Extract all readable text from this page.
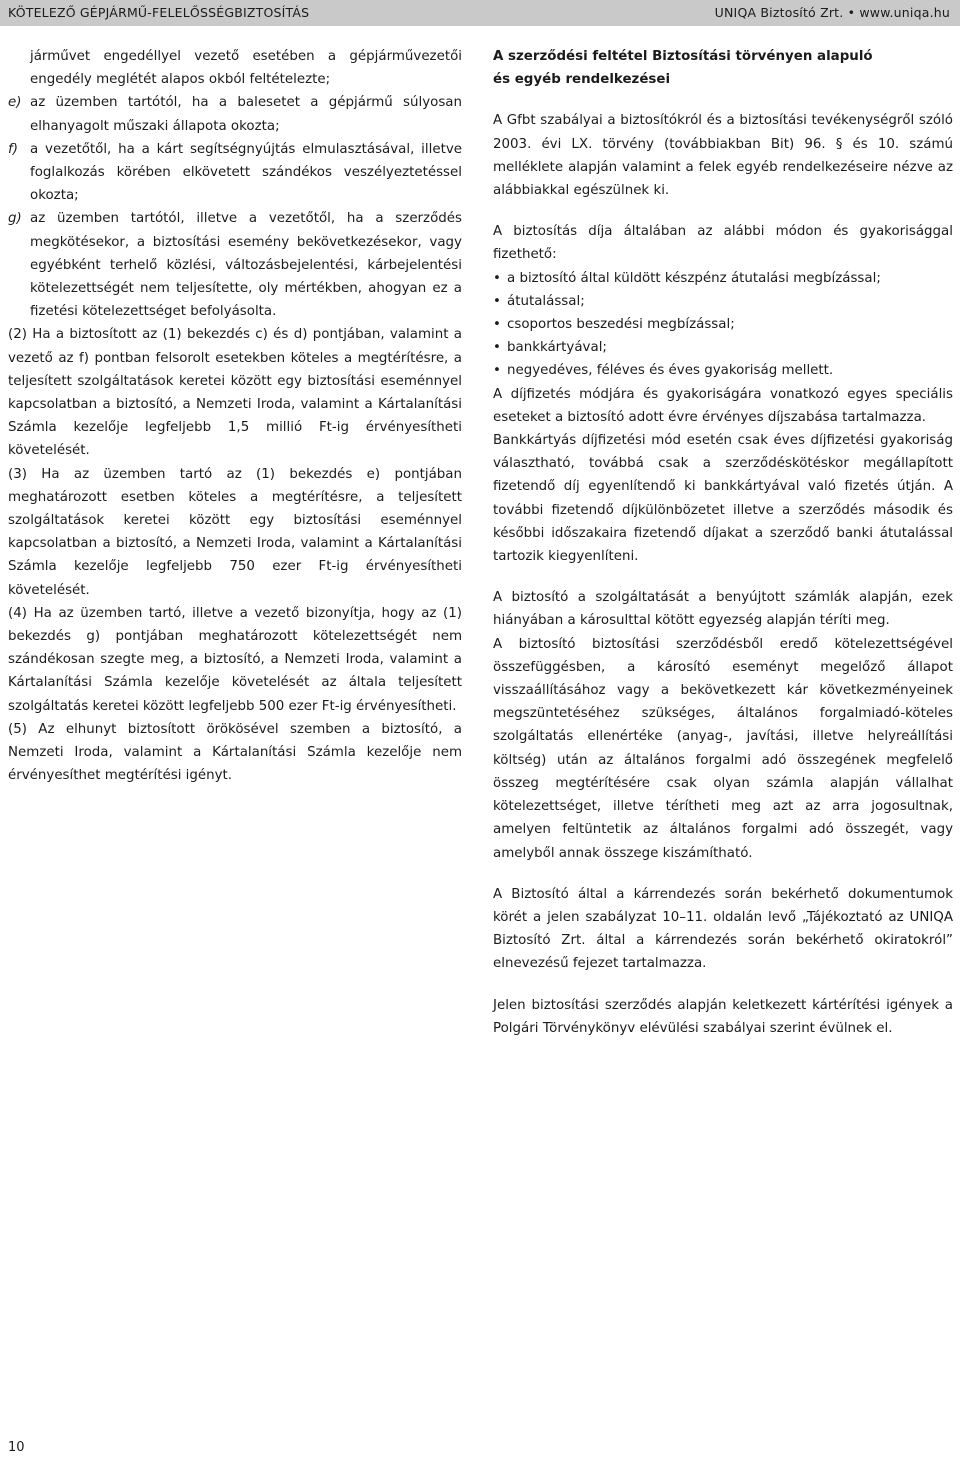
KÖTELEZŐ GÉPJÁRMŰ-FELELŐSSÉGBIZTOSÍTÁS	UNIQA Biztosító Zrt. • www.uniqa.hu

járművet engedéllyel vezető esetében a gépjárművezetői engedély meglétét alapos okból feltételezte;

e) az üzemben tartótól, ha a balesetet a gépjármű súlyosan elhanyagolt műszaki állapota okozta;
f) a vezetőtől, ha a kárt segítségnyújtás elmulasztásával, illetve foglalkozás körében elkövetett szándékos veszélyeztetéssel okozta;
g) az üzemben tartótól, illetve a vezetőtől, ha a szerződés megkötésekor, a biztosítási esemény bekövetkezésekor, vagy egyébként terhelő közlési, változásbejelentési, kárbejelentési kötelezettségét nem teljesítette, oly mértékben, ahogyan ez a fizetési kötelezettséget befolyásolta.

(2) Ha a biztosított az (1) bekezdés c) és d) pontjában, valamint a vezető az f) pontban felsorolt esetekben köteles a megtérítésre, a teljesített szolgáltatások keretei között egy biztosítási eseménnyel kapcsolatban a biztosító, a Nemzeti Iroda, valamint a Kártalanítási Számla kezelője legfeljebb 1,5 millió Ft-ig érvényesítheti követelését.

(3) Ha az üzemben tartó az (1) bekezdés e) pontjában meghatározott esetben köteles a megtérítésre, a teljesített szolgáltatások keretei között egy biztosítási eseménnyel kapcsolatban a biztosító, a Nemzeti Iroda, valamint a Kártalanítási Számla kezelője legfeljebb 750 ezer Ft-ig érvényesítheti követelését.

(4) Ha az üzemben tartó, illetve a vezető bizonyítja, hogy az (1) bekezdés g) pontjában meghatározott kötelezettségét nem szándékosan szegte meg, a biztosító, a Nemzeti Iroda, valamint a Kártalanítási Számla kezelője követelését az általa teljesített szolgáltatás keretei között legfeljebb 500 ezer Ft-ig érvényesítheti.

(5) Az elhunyt biztosított örökösével szemben a biztosító, a Nemzeti Iroda, valamint a Kártalanítási Számla kezelője nem érvényesíthet megtérítési igényt.

A szerződési feltétel Biztosítási törvényen alapuló
és egyéb rendelkezései

A Gfbt szabályai a biztosítókról és a biztosítási tevékenységről szóló 2003. évi LX. törvény (továbbiakban Bit) 96. § és 10. számú melléklete alapján valamint a felek egyéb rendelkezéseire nézve az alábbiakkal egészülnek ki.

A biztosítás díja általában az alábbi módon és gyakorisággal fizethető:

• a biztosító által küldött készpénz átutalási megbízással;
• átutalással;
• csoportos beszedési megbízással;
• bankkártyával;
• negyedéves, féléves és éves gyakoriság mellett.

A díjfizetés módjára és gyakoriságára vonatkozó egyes speciális eseteket a biztosító adott évre érvényes díjszabása tartalmazza.

Bankkártyás díjfizetési mód esetén csak éves díjfizetési gyakoriság választható, továbbá csak a szerződéskötéskor megállapított fizetendő díj egyenlítendő ki bankkártyával való fizetés útján. A további fizetendő díjkülönbözetet illetve a szerződés második és későbbi időszakaira fizetendő díjakat a szerződő banki átutalással tartozik kiegyenlíteni.

A biztosító a szolgáltatását a benyújtott számlák alapján, ezek hiányában a károsulttal kötött egyezség alapján téríti meg.

A biztosító biztosítási szerződésből eredő kötelezettségével összefüggésben, a károsító eseményt megelőző állapot visszaállításához vagy a bekövetkezett kár következményeinek megszüntetéséhez szükséges, általános forgalmiadó-köteles szolgáltatás ellenértéke (anyag-, javítási, illetve helyreállítási költség) után az általános forgalmi adó összegének megfelelő összeg megtérítésére csak olyan számla alapján vállalhat kötelezettséget, illetve térítheti meg azt az arra jogosultnak, amelyen feltüntetik az általános forgalmi adó összegét, vagy amelyből annak összege kiszámítható.

A Biztosító által a kárrendezés során bekérhető dokumentumok körét a jelen szabályzat 10–11. oldalán levő „Tájékoztató az UNIQA Biztosító Zrt. által a kárrendezés során bekérhető okiratokról” elnevezésű fejezet tartalmazza.

Jelen biztosítási szerződés alapján keletkezett kártérítési igények a Polgári Törvénykönyv elévülési szabályai szerint évülnek el.

10
